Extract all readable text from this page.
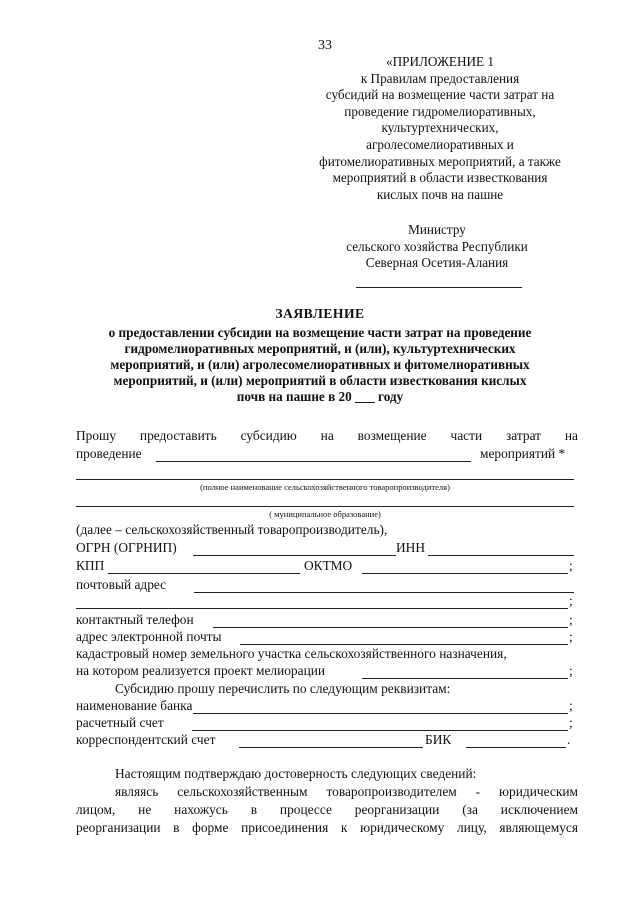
33
«ПРИЛОЖЕНИЕ 1
к Правилам предоставления
субсидий на возмещение части затрат на
проведение гидромелиоративных,
культуртехнических,
агролесомелиоративных и
фитомелиоративных мероприятий, а также
мероприятий в области известкования
кислых почв на пашне
Министру
сельского хозяйства Республики
Северная Осетия-Алания
ЗАЯВЛЕНИЕ
о предоставлении субсидии на возмещение части затрат на проведение
гидромелиоративных мероприятий, и (или), культуртехнических
мероприятий, и (или) агролесомелиоративных и фитомелиоративных
мероприятий, и (или) мероприятий в области известкования кислых
почв на пашне в 20 ___ году
Прошу предоставить субсидию на возмещение части затрат на
проведение	мероприятий *
(полное наименование сельскохозяйственного товаропроизводителя)
( муниципальное образование)
(далее – сельскохозяйственный товаропроизводитель),
ОГРН (ОГРНИП)	ИНН
КПП	ОКТМО	;
почтовый адрес
;
контактный телефон	;
адрес электронной почты	;
кадастровый номер земельного участка сельскохозяйственного назначения,
на котором реализуется проект мелиорации	;
Субсидию прошу перечислить по следующим реквизитам:
наименование банка	;
расчетный счет	;
корреспондентский счет	БИК	.
Настоящим подтверждаю достоверность следующих сведений:
являясь сельскохозяйственным товаропроизводителем - юридическим
лицом, не нахожусь в процессе реорганизации (за исключением
реорганизации в форме присоединения к юридическому лицу, являющемуся
